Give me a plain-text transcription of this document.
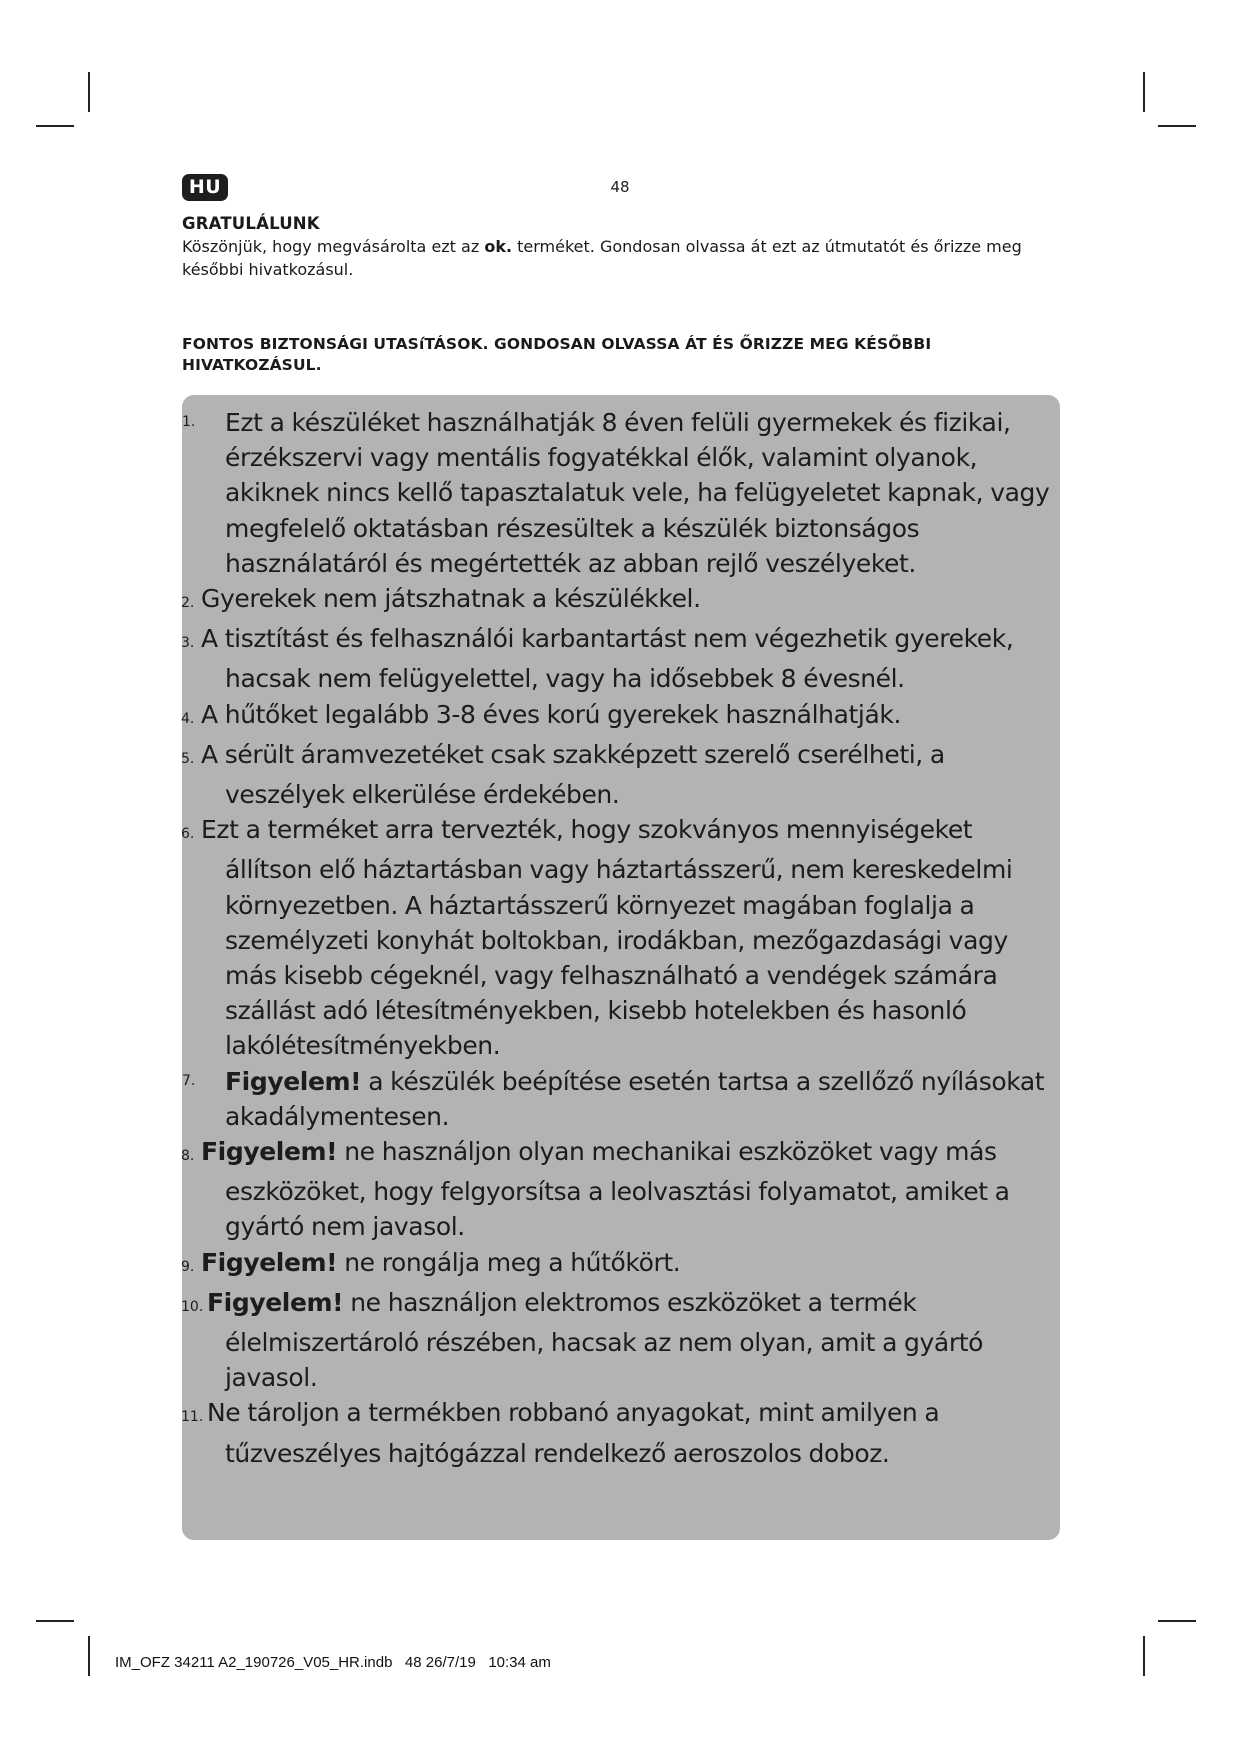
HU	48

GRATULÁLUNK

Köszönjük, hogy megvásárolta ezt az ok. terméket. Gondosan olvassa át ezt az útmutatót és őrizze meg későbbi hivatkozásul.

FONTOS BIZTONSÁGI UTASíTÁSOK. GONDOSAN OLVASSA ÁT ÉS ŐRIZZE MEG KÉSŐBBI HIVATKOZÁSUL.

1. Ezt a készüléket használhatják 8 éven felüli gyermekek és fizikai, érzékszervi vagy mentális fogyatékkal élők, valamint olyanok, akiknek nincs kellő tapasztalatuk vele, ha felügyeletet kapnak, vagy megfelelő oktatásban részesültek a készülék biztonságos használatáról és megértették az abban rejlő veszélyeket.
2. Gyerekek nem játszhatnak a készülékkel.
3. A tisztítást és felhasználói karbantartást nem végezhetik gyerekek, hacsak nem felügyelettel, vagy ha idősebbek 8 évesnél.
4. A hűtőket legalább 3-8 éves korú gyerekek használhatják.
5. A sérült áramvezetéket csak szakképzett szerelő cserélheti, a veszélyek elkerülése érdekében.
6. Ezt a terméket arra tervezték, hogy szokványos mennyiségeket állítson elő háztartásban vagy háztartásszerű, nem kereskedelmi környezetben. A háztartásszerű környezet magában foglalja a személyzeti konyhát boltokban, irodákban, mezőgazdasági vagy más kisebb cégeknél, vagy felhasználható a vendégek számára szállást adó létesítményekben, kisebb hotelekben és hasonló lakólétesítményekben.
7. Figyelem! a készülék beépítése esetén tartsa a szellőző nyílásokat akadálymentesen.
8. Figyelem! ne használjon olyan mechanikai eszközöket vagy más eszközöket, hogy felgyorsítsa a leolvasztási folyamatot, amiket a gyártó nem javasol.
9. Figyelem! ne rongálja meg a hűtőkört.
10. Figyelem! ne használjon elektromos eszközöket a termék élelmiszertároló részében, hacsak az nem olyan, amit a gyártó javasol.
11. Ne tároljon a termékben robbanó anyagokat, mint amilyen a tűzveszélyes hajtógázzal rendelkező aeroszolos doboz.
IM_OFZ 34211 A2_190726_V05_HR.indb   48 26/7/19   10:34 am
